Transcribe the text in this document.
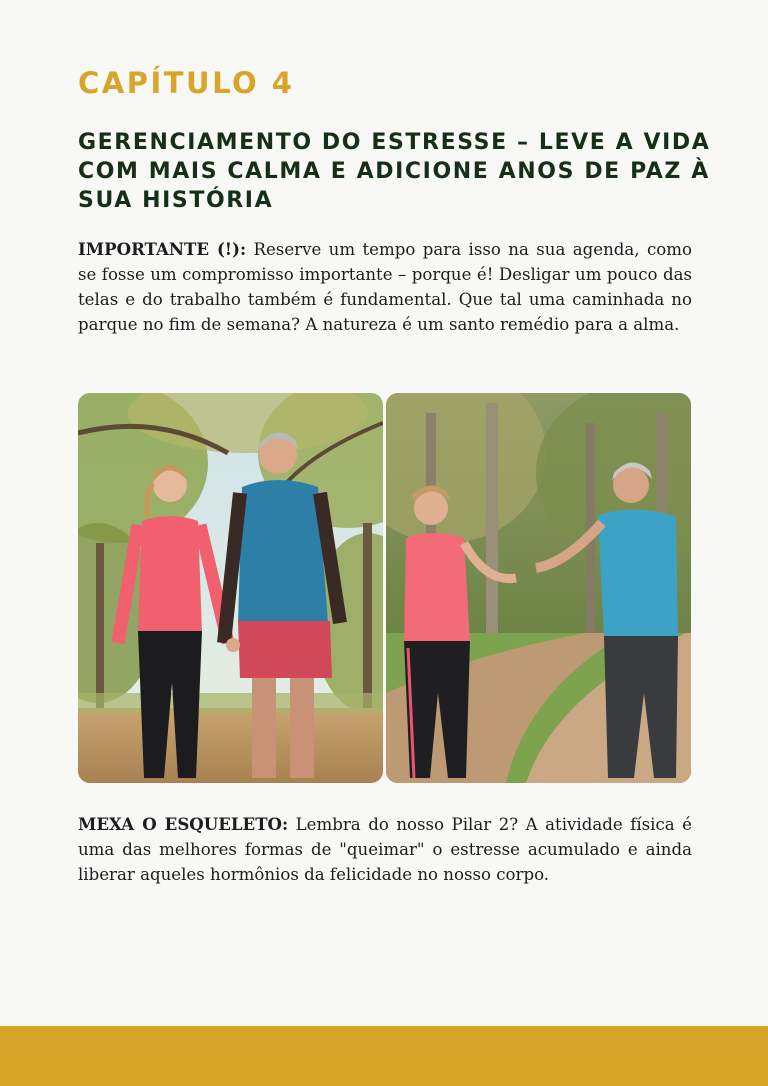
CAPÍTULO 4
GERENCIAMENTO DO ESTRESSE – LEVE A VIDA COM MAIS CALMA E ADICIONE ANOS DE PAZ À SUA HISTÓRIA

IMPORTANTE (!): Reserve um tempo para isso na sua agenda, como se fosse um compromisso importante – porque é! Desligar um pouco das telas e do trabalho também é fundamental. Que tal uma caminhada no parque no fim de semana? A natureza é um santo remédio para a alma.

MEXA O ESQUELETO: Lembra do nosso Pilar 2? A atividade física é uma das melhores formas de "queimar" o estresse acumulado e ainda liberar aqueles hormônios da felicidade no nosso corpo.
